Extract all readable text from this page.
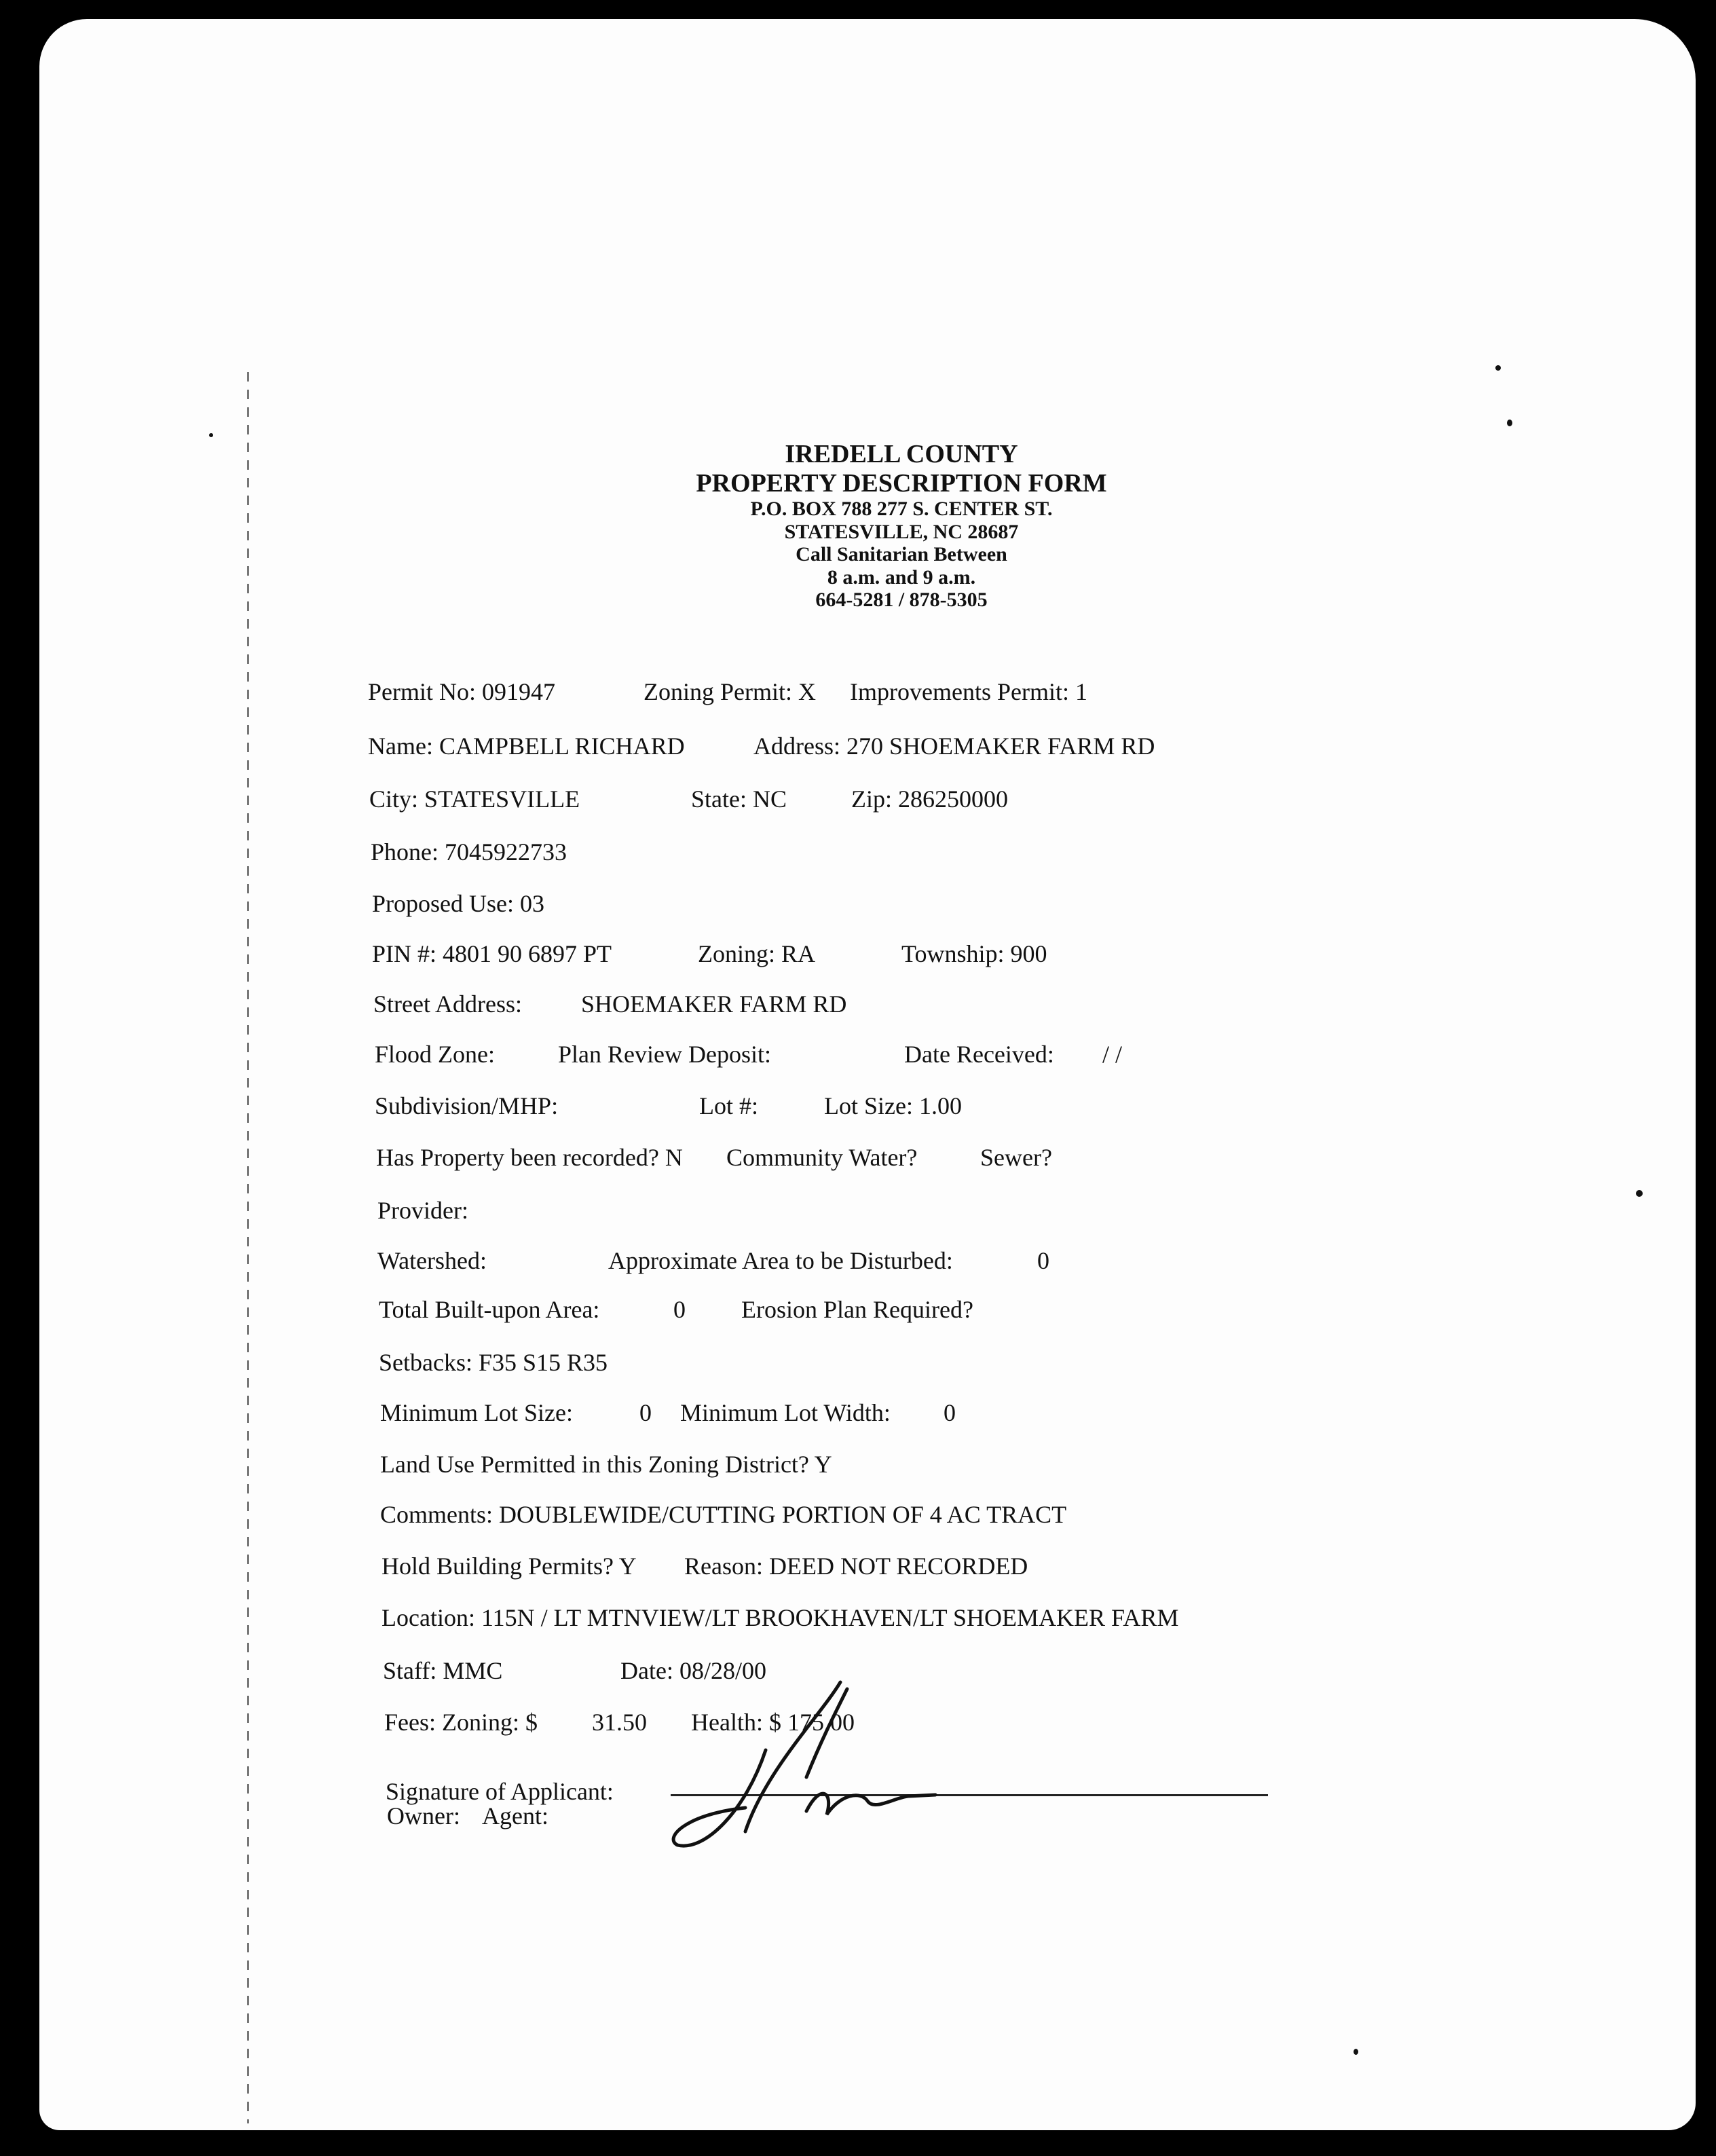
IREDELL COUNTY
PROPERTY DESCRIPTION FORM
P.O. BOX 788 277 S. CENTER ST.
STATESVILLE, NC 28687
Call Sanitarian Between
8 a.m. and 9 a.m.
664-5281 / 878-5305
Permit No: 091947	Zoning Permit: X Improvements Permit: 1
Name: CAMPBELL RICHARD	Address: 270 SHOEMAKER FARM RD
City: STATESVILLE	State: NC	Zip: 286250000
Phone: 7045922733
Proposed Use: 03
PIN #: 4801 90 6897 PT	Zoning: RA	Township: 900
Street Address: SHOEMAKER FARM RD
Flood Zone:	Plan Review Deposit:	Date Received: / /
Subdivision/MHP:	Lot #:	Lot Size: 1.00
Has Property been recorded? N Community Water?	Sewer?
Provider:
Watershed:	Approximate Area to be Disturbed:	0
Total Built-upon Area:	0 Erosion Plan Required?
Setbacks: F35 S15 R35
Minimum Lot Size:	0 Minimum Lot Width: 0
Land Use Permitted in this Zoning District? Y
Comments: DOUBLEWIDE/CUTTING PORTION OF 4 AC TRACT
Hold Building Permits? Y Reason: DEED NOT RECORDED
Location: 115N / LT MTNVIEW/LT BROOKHAVEN/LT SHOEMAKER FARM
Staff: MMC	Date: 08/28/00
Fees: Zoning: $ 31.50 Health: $ 175.00
Signature of Applicant:
Owner: Agent:
